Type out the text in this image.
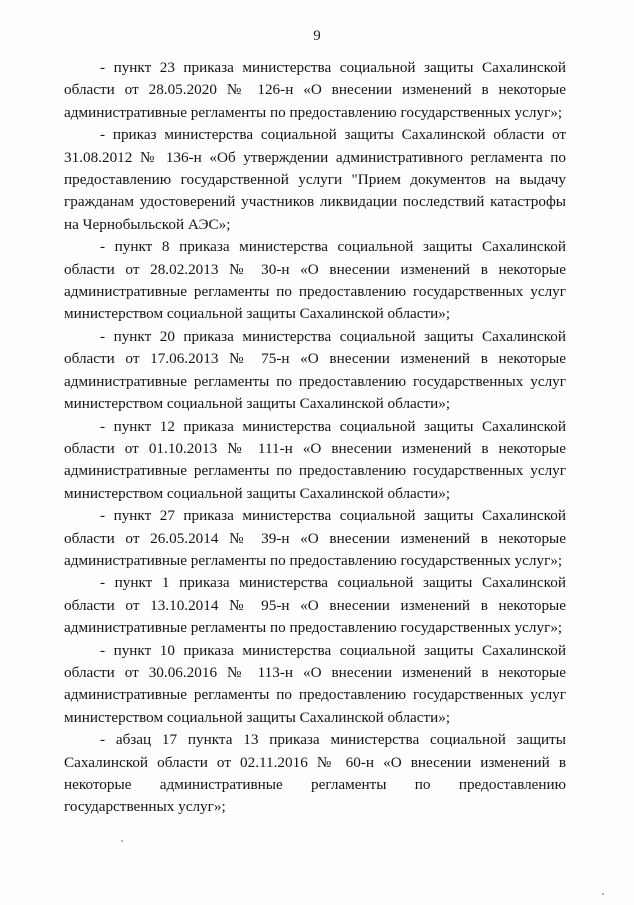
9

- пункт 23 приказа министерства социальной защиты Сахалинской области от 28.05.2020 № 126-н «О внесении изменений в некоторые административные регламенты по предоставлению государственных услуг»;

- приказ министерства социальной защиты Сахалинской области от 31.08.2012 № 136-н «Об утверждении административного регламента по предоставлению государственной услуги "Прием документов на выдачу гражданам удостоверений участников ликвидации последствий катастрофы на Чернобыльской АЭС»;

- пункт 8 приказа министерства социальной защиты Сахалинской области от 28.02.2013 № 30-н «О внесении изменений в некоторые административные регламенты по предоставлению государственных услуг министерством социальной защиты Сахалинской области»;

- пункт 20 приказа министерства социальной защиты Сахалинской области от 17.06.2013 № 75-н «О внесении изменений в некоторые административные регламенты по предоставлению государственных услуг министерством социальной защиты Сахалинской области»;

- пункт 12 приказа министерства социальной защиты Сахалинской области от 01.10.2013 № 111-н «О внесении изменений в некоторые административные регламенты по предоставлению государственных услуг министерством социальной защиты Сахалинской области»;

- пункт 27 приказа министерства социальной защиты Сахалинской области от 26.05.2014 № 39-н «О внесении изменений в некоторые административные регламенты по предоставлению государственных услуг»;

- пункт 1 приказа министерства социальной защиты Сахалинской области от 13.10.2014 № 95-н «О внесении изменений в некоторые административные регламенты по предоставлению государственных услуг»;

- пункт 10 приказа министерства социальной защиты Сахалинской области от 30.06.2016 № 113-н «О внесении изменений в некоторые административные регламенты по предоставлению государственных услуг министерством социальной защиты Сахалинской области»;

- абзац 17 пункта 13 приказа министерства социальной защиты Сахалинской области от 02.11.2016 № 60-н «О внесении изменений в некоторые административные регламенты по предоставлению государственных услуг»;
